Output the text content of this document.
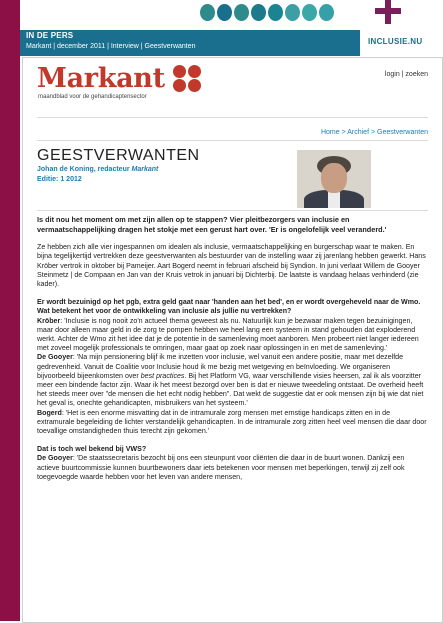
IN DE PERS
Markant | december 2011 | Interview | Geestverwanten
INCLUSIE.NU
Markant
maandblad voor de gehandicaptensector
login | zoeken
Home > Archief > Geestverwanten
GEESTVERWANTEN
Johan de Koning, redacteur Markant
Editie: 1 2012

Is dit nou het moment om met zijn allen op te stappen? Vier pleitbezorgers van inclusie en vermaatschappelijking dragen het stokje met een gerust hart over. 'Er is ongelofelijk veel veranderd.'

Ze hebben zich alle vier ingespannen om idealen als inclusie, vermaatschappelijking en burgerschap waar te maken. En bijna tegelijkertijd vertrekken deze geestverwanten als bestuurder van de instelling waar zij jarenlang hebben gewerkt. Hans Kröber vertrok in oktober bij Pameijer. Aart Bogerd neemt in februari afscheid bij Syndion. In juni verlaat Willem de Gooyer Steinmetz | de Compaan en Jan van der Kruis vetrok in januari bij Dichterbij. De laatste is vandaag helaas verhinderd (zie kader).

Er wordt bezuinigd op het pgb, extra geld gaat naar 'handen aan het bed', en er wordt overgeheveld naar de Wmo. Wat betekent het voor de ontwikkeling van inclusie als jullie nu vertrekken?

Kröber: 'Inclusie is nog nooit zo'n actueel thema geweest als nu. Natuurlijk kun je bezwaar maken tegen bezuinigingen, maar door alleen maar geld in de zorg te pompen hebben we heel lang een systeem in stand gehouden dat exploderend werkt. Achter de Wmo zit het idee dat je de potentie in de samenleving moet aanboren. Men probeert niet langer iedereen met zoveel mogelijk professionals te omringen, maar gaat op zoek naar oplossingen in en met de samenleving.'

De Gooyer: 'Na mijn pensionering blijf ik me inzetten voor inclusie, wel vanuit een andere positie, maar met dezelfde gedrevenheid. Vanuit de Coalitie voor Inclusie houd ik me bezig met wetgeving en beïnvloeding. We organiseren bijvoorbeeld bijeenkomsten over best practices. Bij het Platform VG, waar verschillende visies heersen, zal ik als voorzitter meer een bindende factor zijn. Waar ik het meest bezorgd over ben is dat er nieuwe tweedeling ontstaat. De overheid heeft het steeds meer over "de mensen die het echt nodig hebben". Dat wekt de suggestie dat er ook mensen zijn bij wie dat niet het geval is, onechte gehandicapten, misbruikers van het systeem.'

Bogerd: 'Het is een enorme misvatting dat in de intramurale zorg mensen met ernstige handicaps zitten en in de extramurale begeleiding de lichter verstandelijk gehandicapten. In de intramurale zorg zitten heel veel mensen die daar door toevallige omstandigheden thuis terecht zijn gekomen.'

Dat is toch wel bekend bij VWS?

De Gooyer: 'De staatssecretaris bezocht bij ons een steunpunt voor cliënten die daar in de buurt wonen. Dankzij een actieve buurtcommissie kunnen buurtbewoners daar iets betekenen voor mensen met beperkingen, terwijl zij zelf ook toegevoegde waarde hebben voor het leven van andere mensen,
